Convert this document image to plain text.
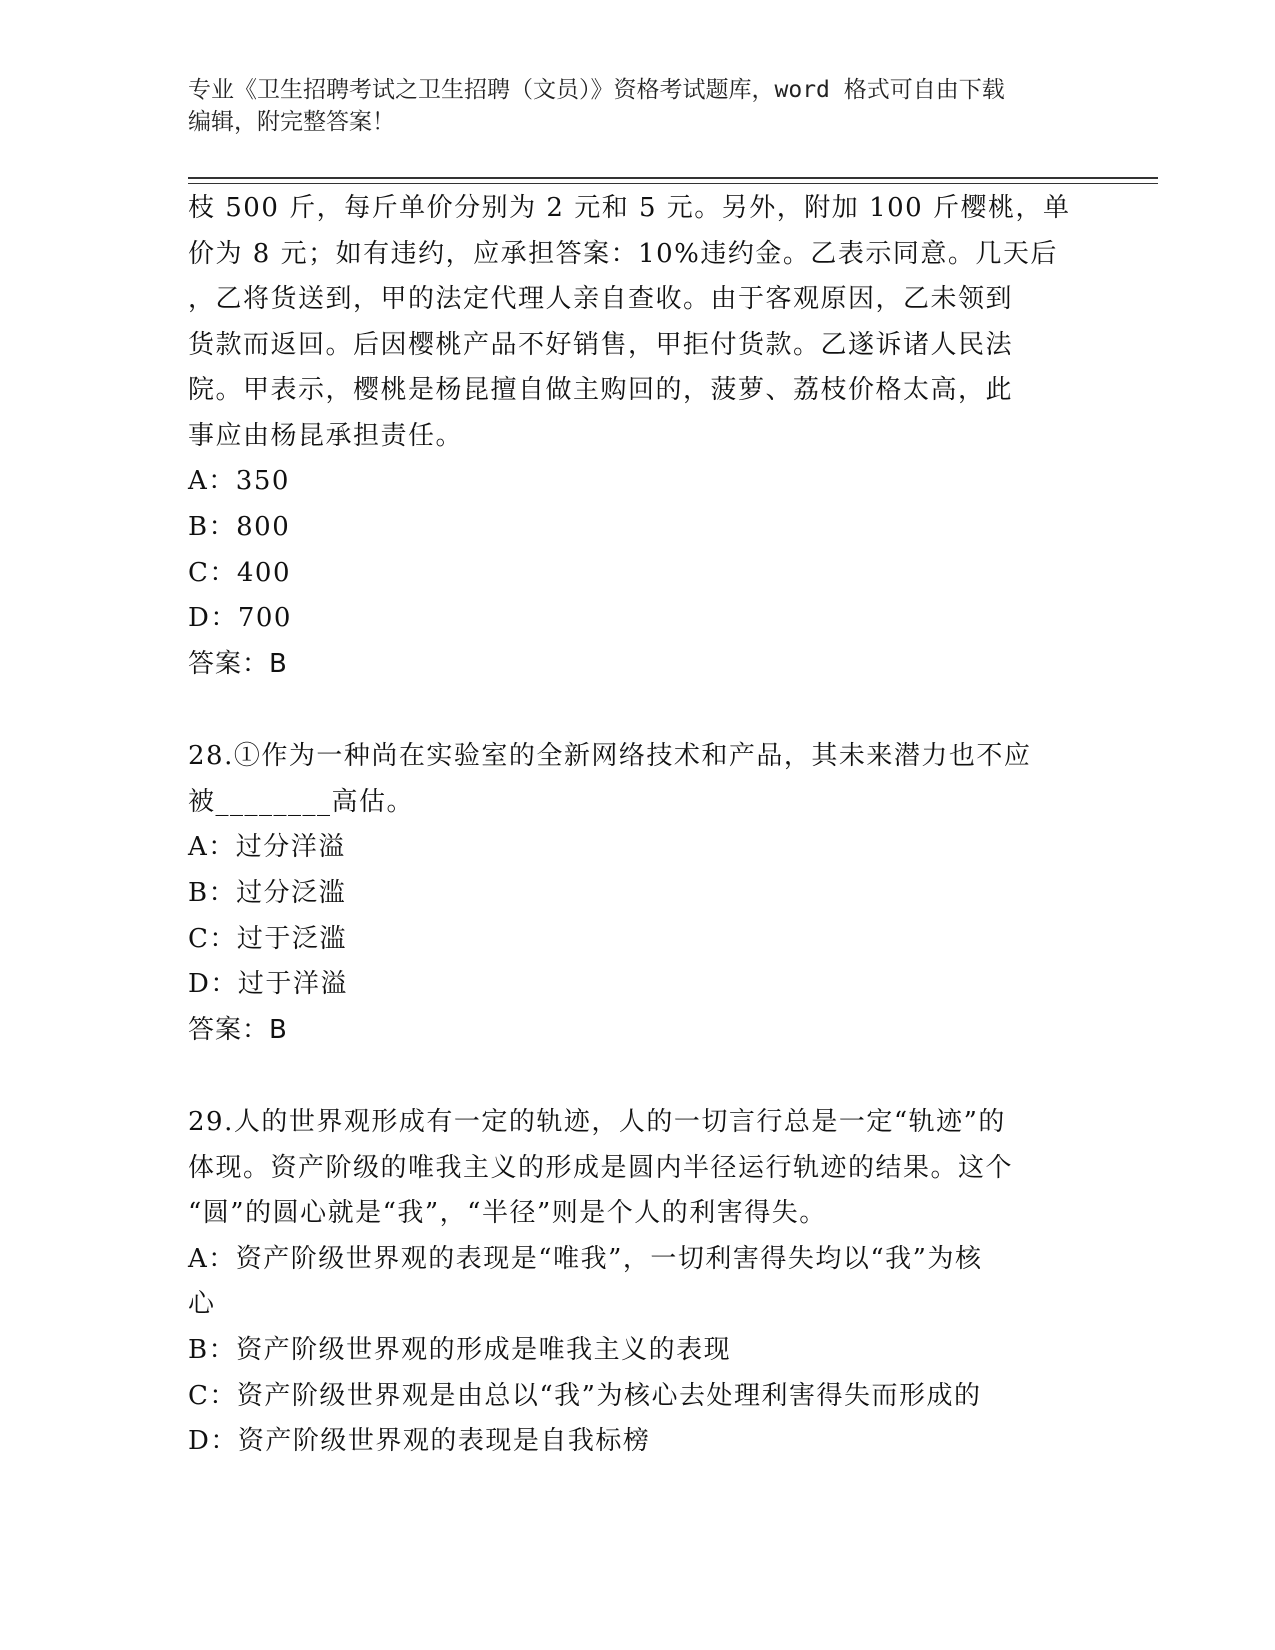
专业《卫生招聘考试之卫生招聘（文员）》资格考试题库，word 格式可自由下载
编辑，附完整答案！
枝 500 斤，每斤单价分别为 2 元和 5 元。另外，附加 100 斤樱桃，单
价为 8 元；如有违约，应承担答案：10%违约金。乙表示同意。几天后
，乙将货送到，甲的法定代理人亲自查收。由于客观原因，乙未领到
货款而返回。后因樱桃产品不好销售，甲拒付货款。乙遂诉诸人民法
院。甲表示，樱桃是杨昆擅自做主购回的，菠萝、荔枝价格太高，此
事应由杨昆承担责任。
A：350
B：800
C：400
D：700
答案：B
28.①作为一种尚在实验室的全新网络技术和产品，其未来潜力也不应
被________高估。
A：过分洋溢
B：过分泛滥
C：过于泛滥
D：过于洋溢
答案：B
29.人的世界观形成有一定的轨迹，人的一切言行总是一定“轨迹”的
体现。资产阶级的唯我主义的形成是圆内半径运行轨迹的结果。这个
“圆”的圆心就是“我”，“半径”则是个人的利害得失。
A：资产阶级世界观的表现是“唯我”，一切利害得失均以“我”为核
心
B：资产阶级世界观的形成是唯我主义的表现
C：资产阶级世界观是由总以“我”为核心去处理利害得失而形成的
D：资产阶级世界观的表现是自我标榜
